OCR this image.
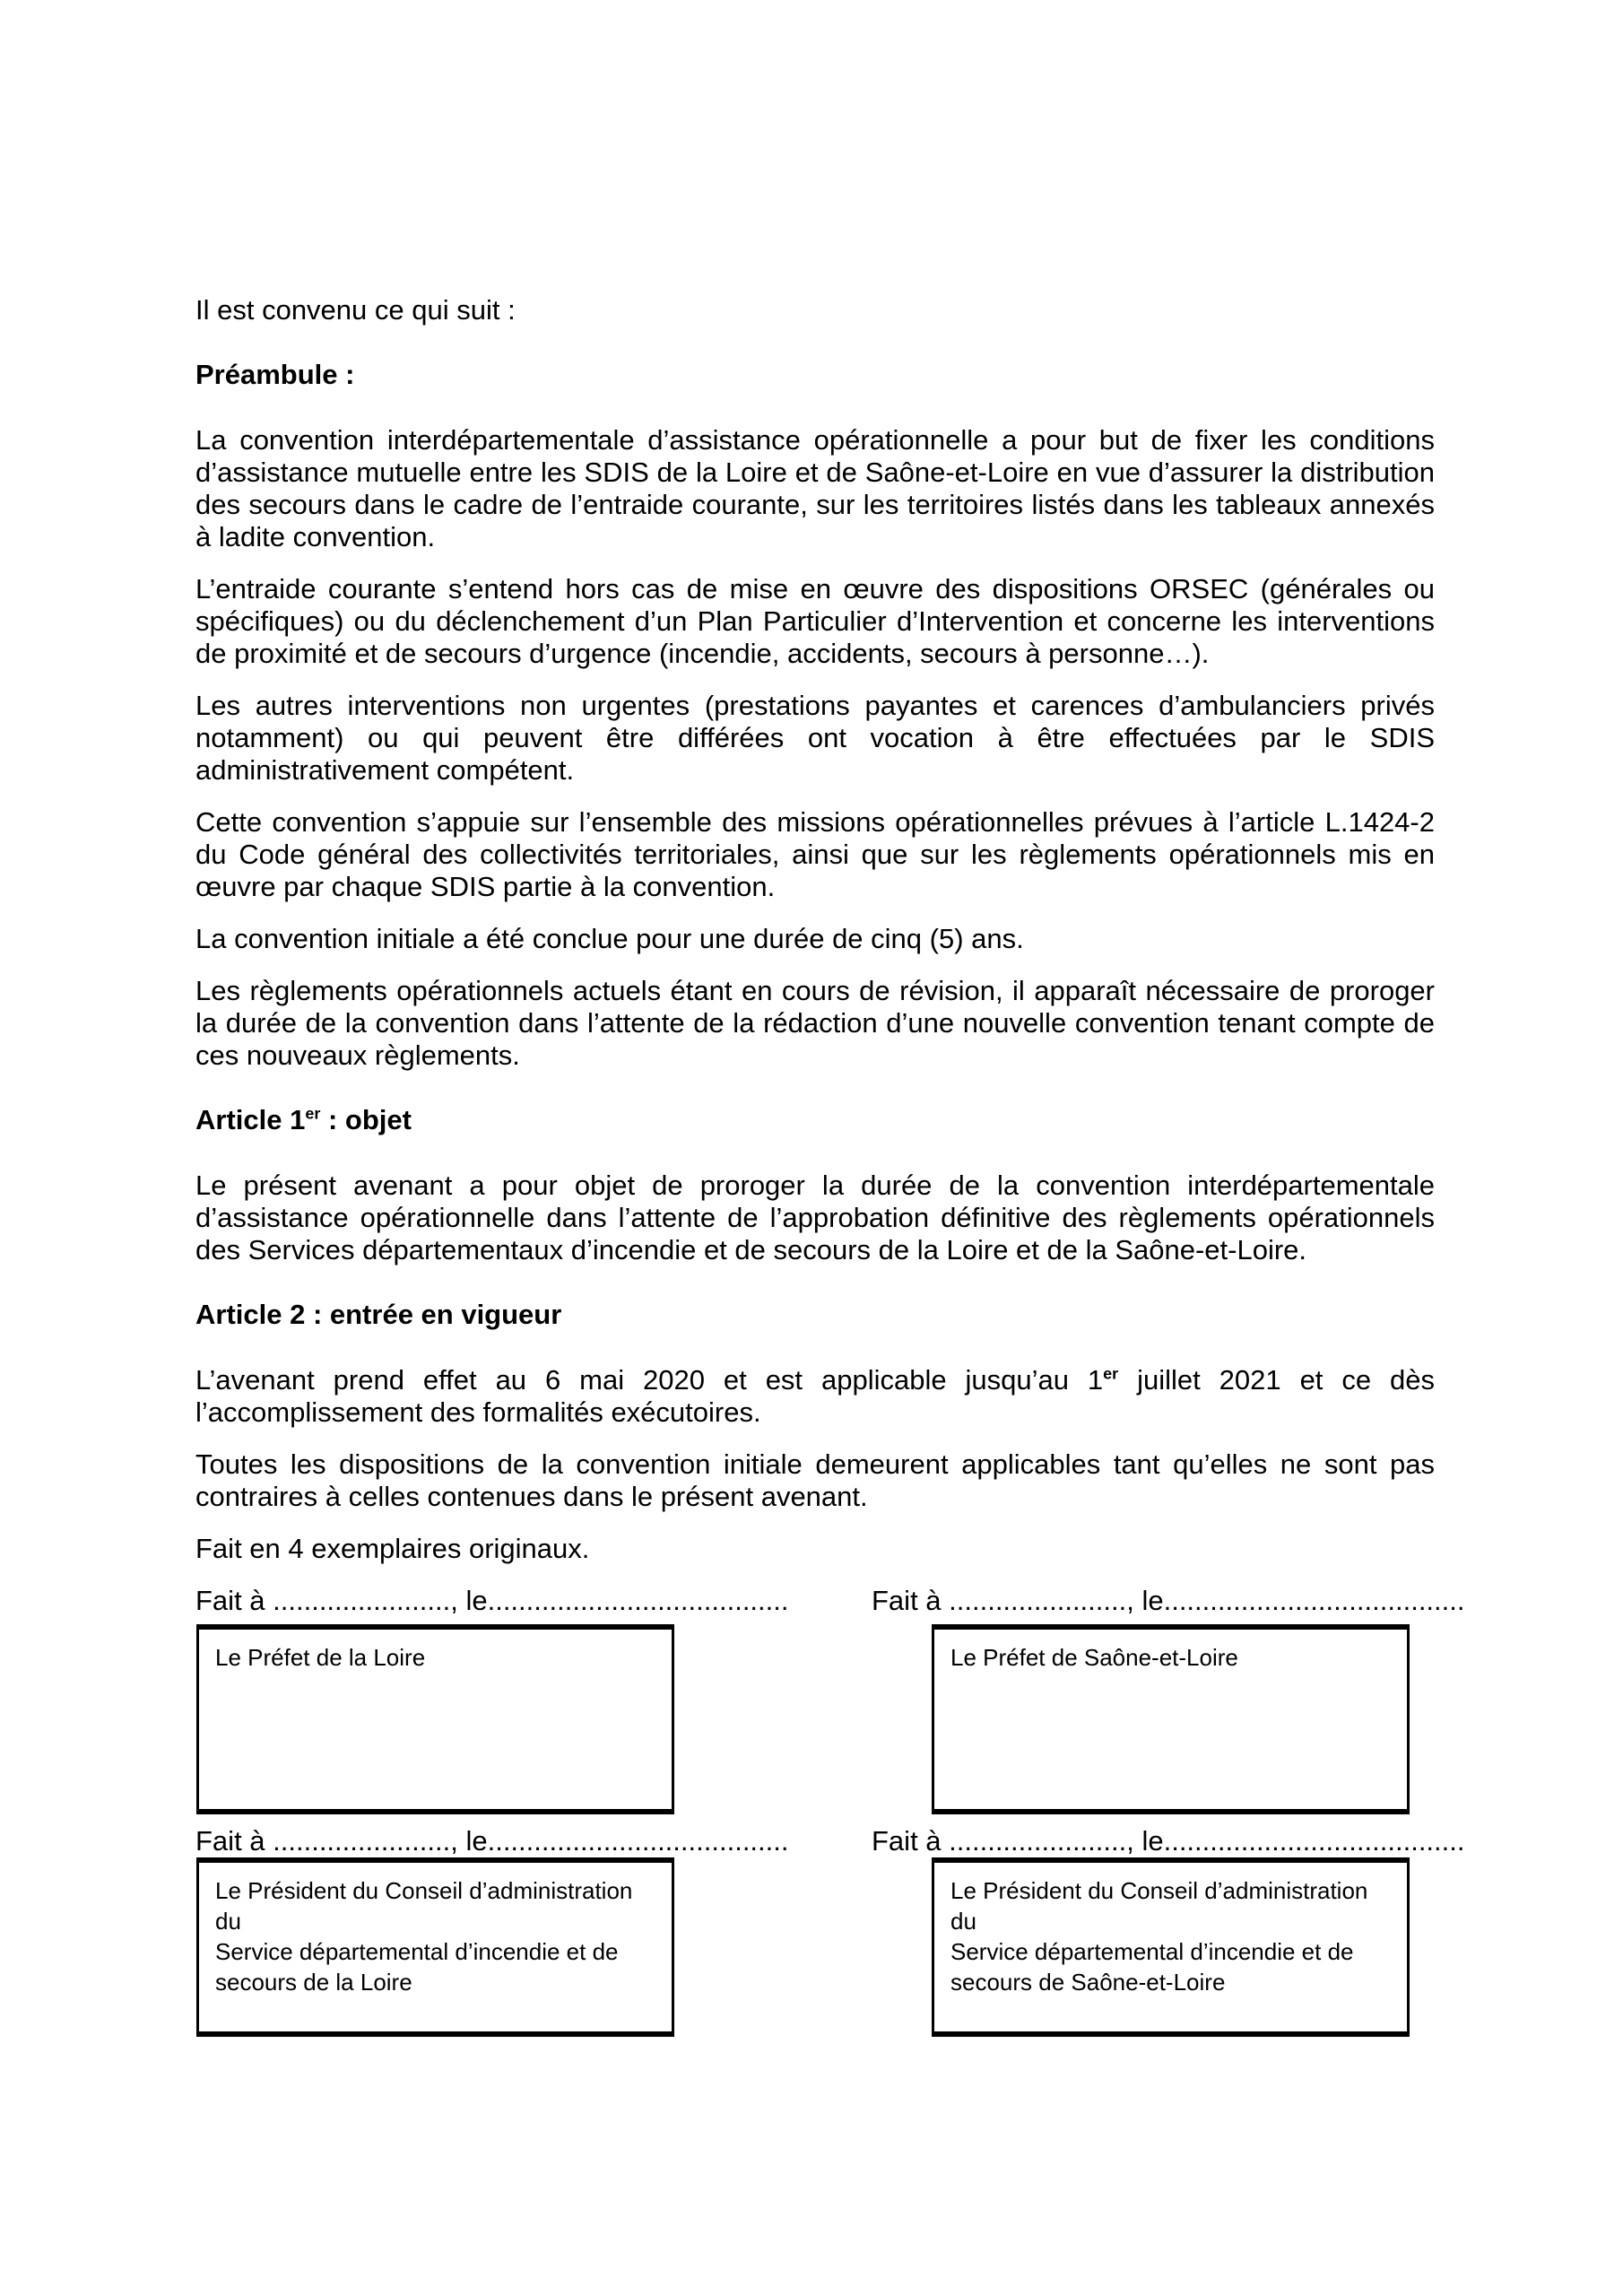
Il est convenu ce qui suit :

Préambule :

La convention interdépartementale d’assistance opérationnelle a pour but de fixer les conditions d’assistance mutuelle entre les SDIS de la Loire et de Saône-et-Loire en vue d’assurer la distribution des secours dans le cadre de l’entraide courante, sur les territoires listés dans les tableaux annexés à ladite convention.

L’entraide courante s’entend hors cas de mise en œuvre des dispositions ORSEC (générales ou spécifiques) ou du déclenchement d’un Plan Particulier d’Intervention et concerne les interventions de proximité et de secours d’urgence (incendie, accidents, secours à personne…).

Les autres interventions non urgentes (prestations payantes et carences d’ambulanciers privés notamment) ou qui peuvent être différées ont vocation à être effectuées par le SDIS administrativement compétent.

Cette convention s’appuie sur l’ensemble des missions opérationnelles prévues à l’article L.1424-2 du Code général des collectivités territoriales, ainsi que sur les règlements opérationnels mis en œuvre par chaque SDIS partie à la convention.

La convention initiale a été conclue pour une durée de cinq (5) ans.

Les règlements opérationnels actuels étant en cours de révision, il apparaît nécessaire de proroger la durée de la convention dans l’attente de la rédaction d’une nouvelle convention tenant compte de ces nouveaux règlements.

Article 1er : objet

Le présent avenant a pour objet de proroger la durée de la convention interdépartementale d’assistance opérationnelle dans l’attente de l’approbation définitive des règlements opérationnels des Services départementaux d’incendie et de secours de la Loire et de la Saône-et-Loire.

Article 2 : entrée en vigueur

L’avenant prend effet au 6 mai 2020 et est applicable jusqu’au 1er juillet 2021 et ce dès l’accomplissement des formalités exécutoires.

Toutes les dispositions de la convention initiale demeurent applicables tant qu’elles ne sont pas contraires à celles contenues dans le présent avenant.

Fait en 4 exemplaires originaux.

Fait à ......................., le.......................................	Fait à ......................., le.......................................
Le Préfet de la Loire	Le Préfet de Saône-et-Loire
Fait à ......................., le.......................................	Fait à ......................., le.......................................
Le Président du Conseil d’administration du
Service départemental d’incendie et de
secours de la Loire
Le Président du Conseil d’administration du
Service départemental d’incendie et de
secours de Saône-et-Loire
